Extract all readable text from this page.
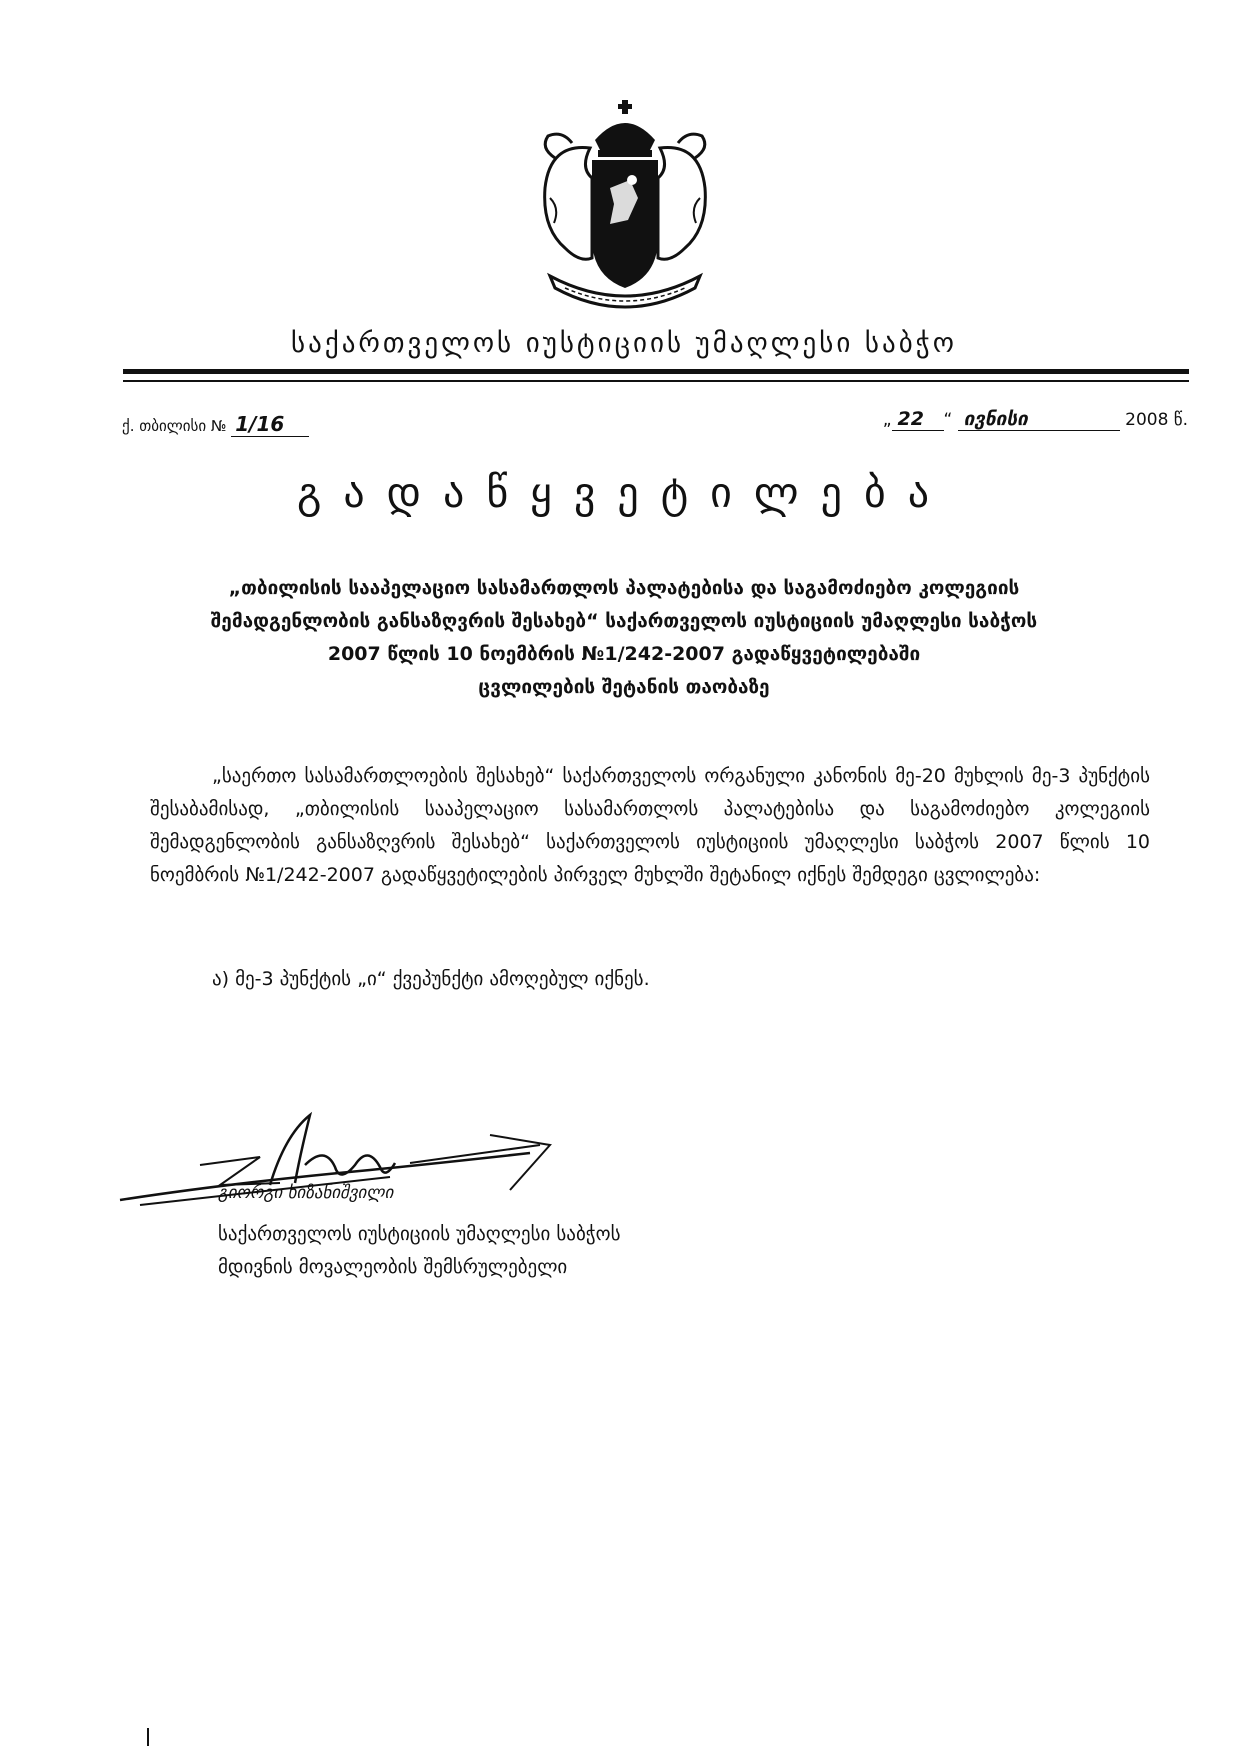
საქართველოს იუსტიციის უმაღლესი საბჭო
ქ. თბილისი № 1/16	„ 22 “ ივნისი	2008 წ.
გადაწყვეტილება
„თბილისის სააპელაციო სასამართლოს პალატებისა და საგამოძიებო კოლეგიის
შემადგენლობის განსაზღვრის შესახებ“ საქართველოს იუსტიციის უმაღლესი საბჭოს
2007 წლის 10 ნოემბრის №1/242-2007 გადაწყვეტილებაში
ცვლილების შეტანის თაობაზე
„საერთო სასამართლოების შესახებ“ საქართველოს ორგანული კანონის მე-20 მუხლის მე-3 პუნქტის შესაბამისად, „თბილისის სააპელაციო სასამართლოს პალატებისა და საგამოძიებო კოლეგიის შემადგენლობის განსაზღვრის შესახებ“ საქართველოს იუსტიციის უმაღლესი საბჭოს 2007 წლის 10 ნოემბრის №1/242-2007 გადაწყვეტილების პირველ მუხლში შეტანილ იქნეს შემდეგი ცვლილება:
ა) მე-3 პუნქტის „ი“ ქვეპუნქტი ამოღებულ იქნეს.
გიორგი ხიზანიშვილი
საქართველოს იუსტიციის უმაღლესი საბჭოს
მდივნის მოვალეობის შემსრულებელი
